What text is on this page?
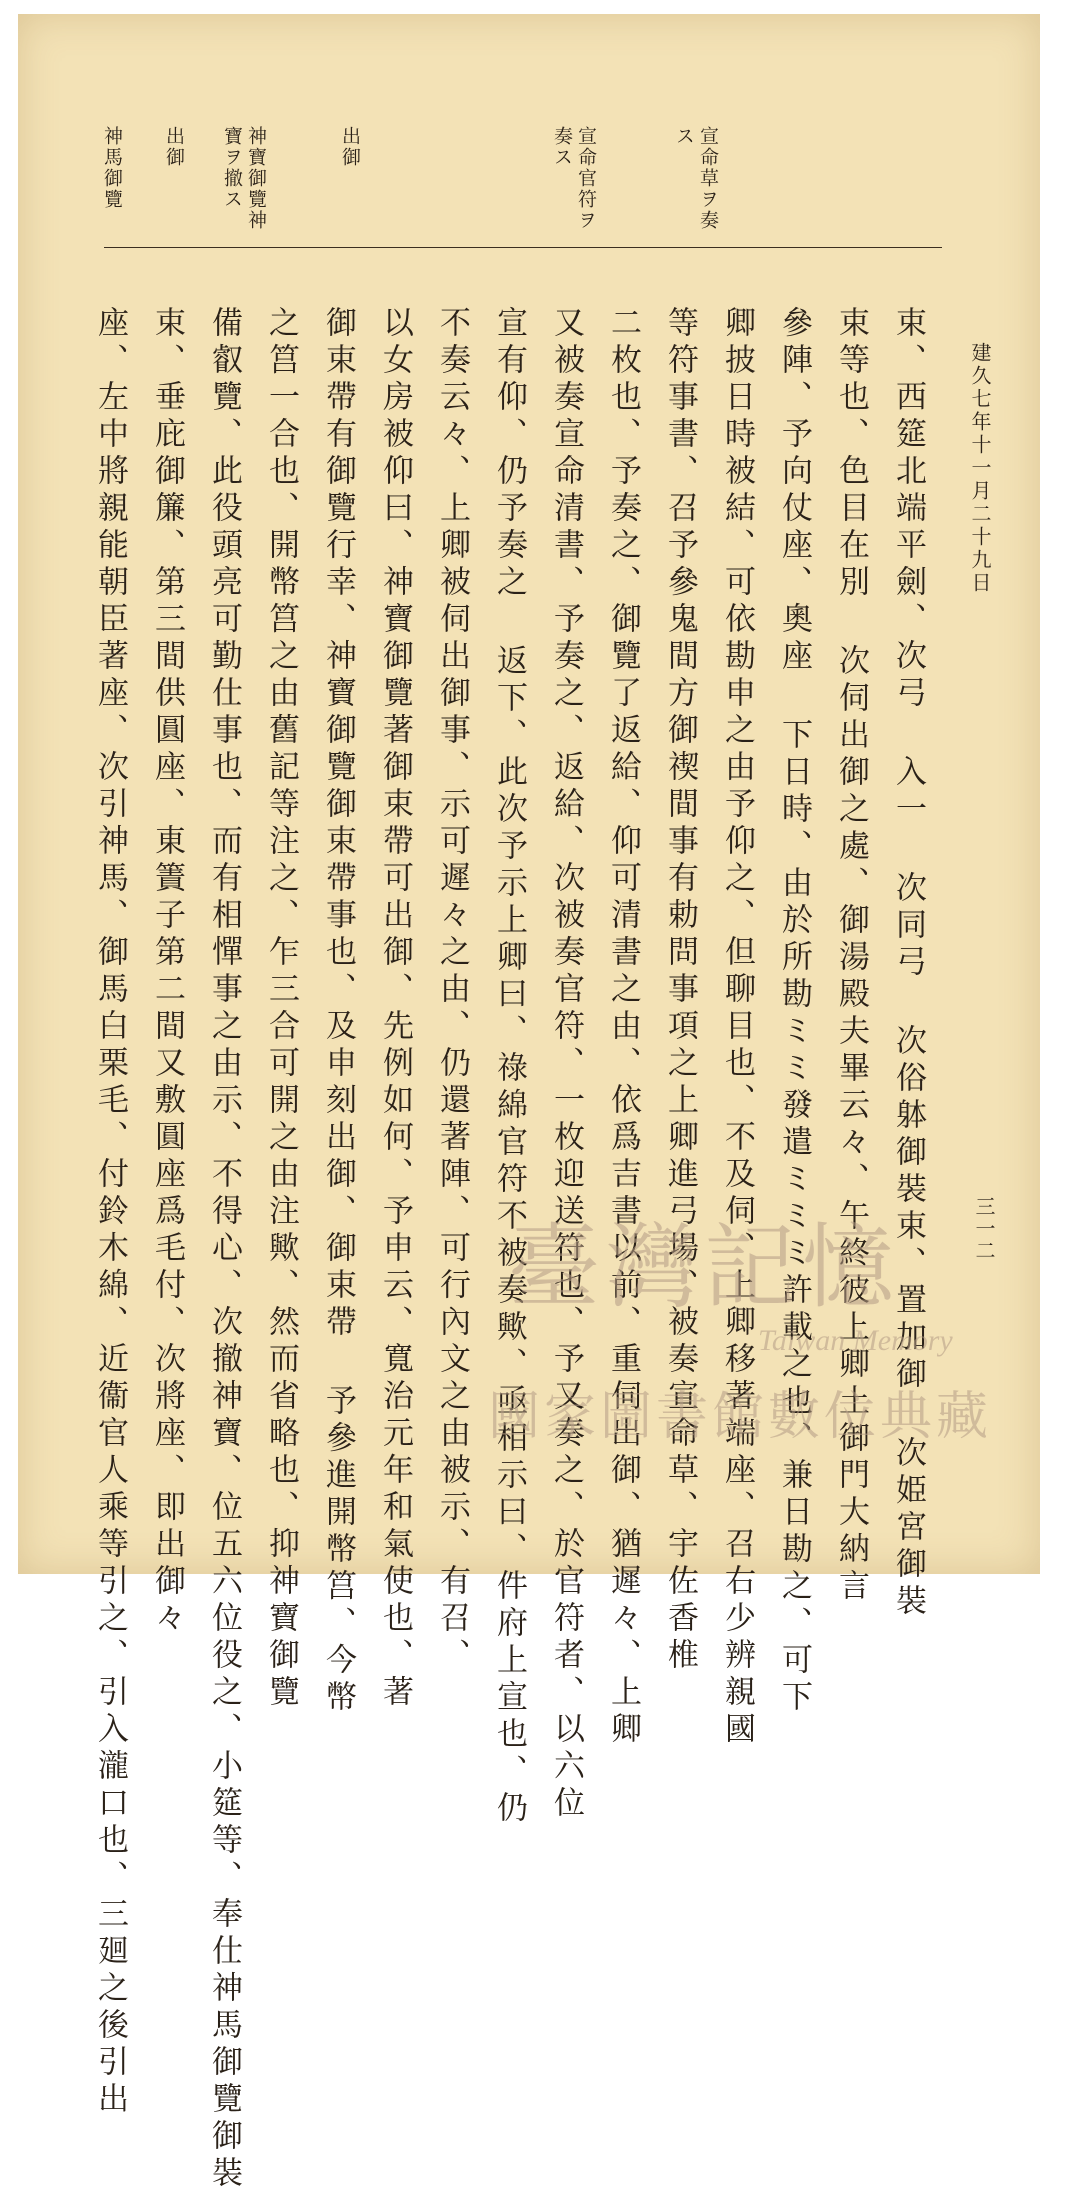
建久七年十一月二十九日

三一二

宣命草ヲ奏ス

宣命官符ヲ奏ス

出御

神寶御覽神寶ヲ撤ス

出御

神馬御覽

束、西筵北端平劍、次弓 入一 次同弓 次俗躰御裝束、置加御 次姫宮御裝

束等也、色目在別 次伺出御之處、御湯殿夫畢云々、午終彼上卿土御門大納言

參陣、予向仗座、奧座 下日時、由於所勘ミミ發遣ミミミ許載之也、兼日勘之、可下

卿披日時被結、可依勘申之由予仰之、但聊目也、不及伺、上卿移著端座、召右少辨親國

等符事書、召予參鬼間方御禊間事有勅問事項之上卿進弓場、被奏宣命草、宇佐香椎

二枚也、予奏之、御覽了返給、仰可清書之由、依爲吉書以前、重伺出御、猶遲々、上卿

又被奏宣命清書、予奏之、返給、次被奏官符、一枚迎送符也、予又奏之、於官符者、以六位

宣有仰、仍予奏之 返下、此次予示上卿曰、祿綿官符不被奏歟、亟相示曰、件府上宣也、仍

不奏云々、上卿被伺出御事、示可遲々之由、仍還著陣、可行內文之由被示、有召、

以女房被仰曰、神寶御覽著御束帶可出御、先例如何、予申云、寬治元年和氣使也、著

御束帶有御覽行幸、神寶御覽御束帶事也、及申刻出御、御束帶 予參進開幣筥、今幣

之筥一合也、開幣筥之由舊記等注之、乍三合可開之由注歟、然而省略也、抑神寶御覽

備叡覽、此役頭亮可勤仕事也、而有相憚事之由示、不得心、次撤神寶、位五六位役之、小筵等、奉仕神馬御覽御裝

束、垂庇御簾、第三間供圓座、東簀子第二間又敷圓座爲毛付、次將座、即出御々

座、左中將親能朝臣著座、次引神馬、御馬白栗毛、付鈴木綿、近衞官人乘等引之、引入瀧口也、三廻之後引出	臺灣記憶
Taiwan Memory
國家圖書館數位典藏
